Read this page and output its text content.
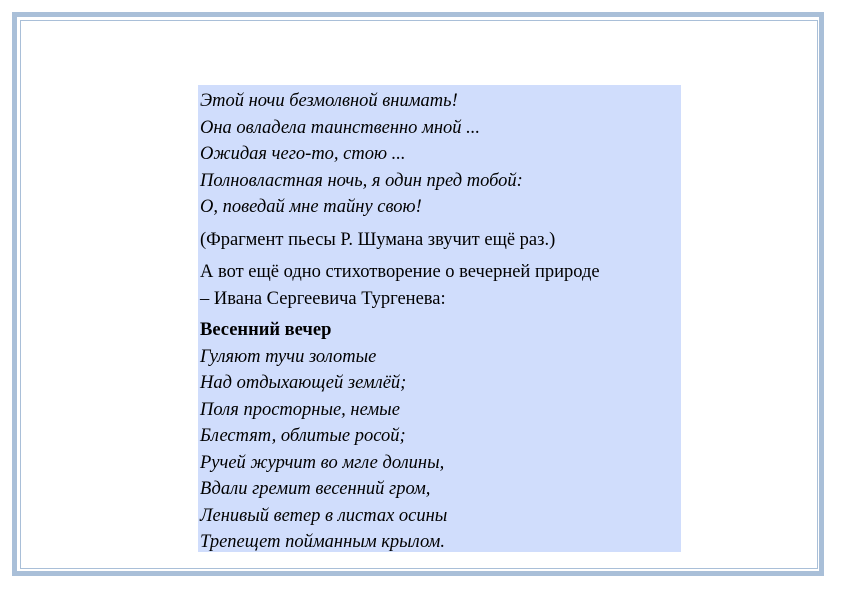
Этой ночи безмолвной внимать!
Она овладела таинственно мной ...
Ожидая чего-то, стою ...
Полновластная ночь, я один пред тобой:
О, поведай мне тайну свою!
(Фрагмент пьесы Р. Шумана звучит ещё раз.)
А вот ещё одно стихотворение о вечерней природе
– Ивана Сергеевича Тургенева:
Весенний вечер
Гуляют тучи золотые
Над отдыхающей землёй;
Поля просторные, немые
Блестят, облитые росой;
Ручей журчит во мгле долины,
Вдали гремит весенний гром,
Ленивый ветер в листах осины
Трепещет пойманным крылом.
